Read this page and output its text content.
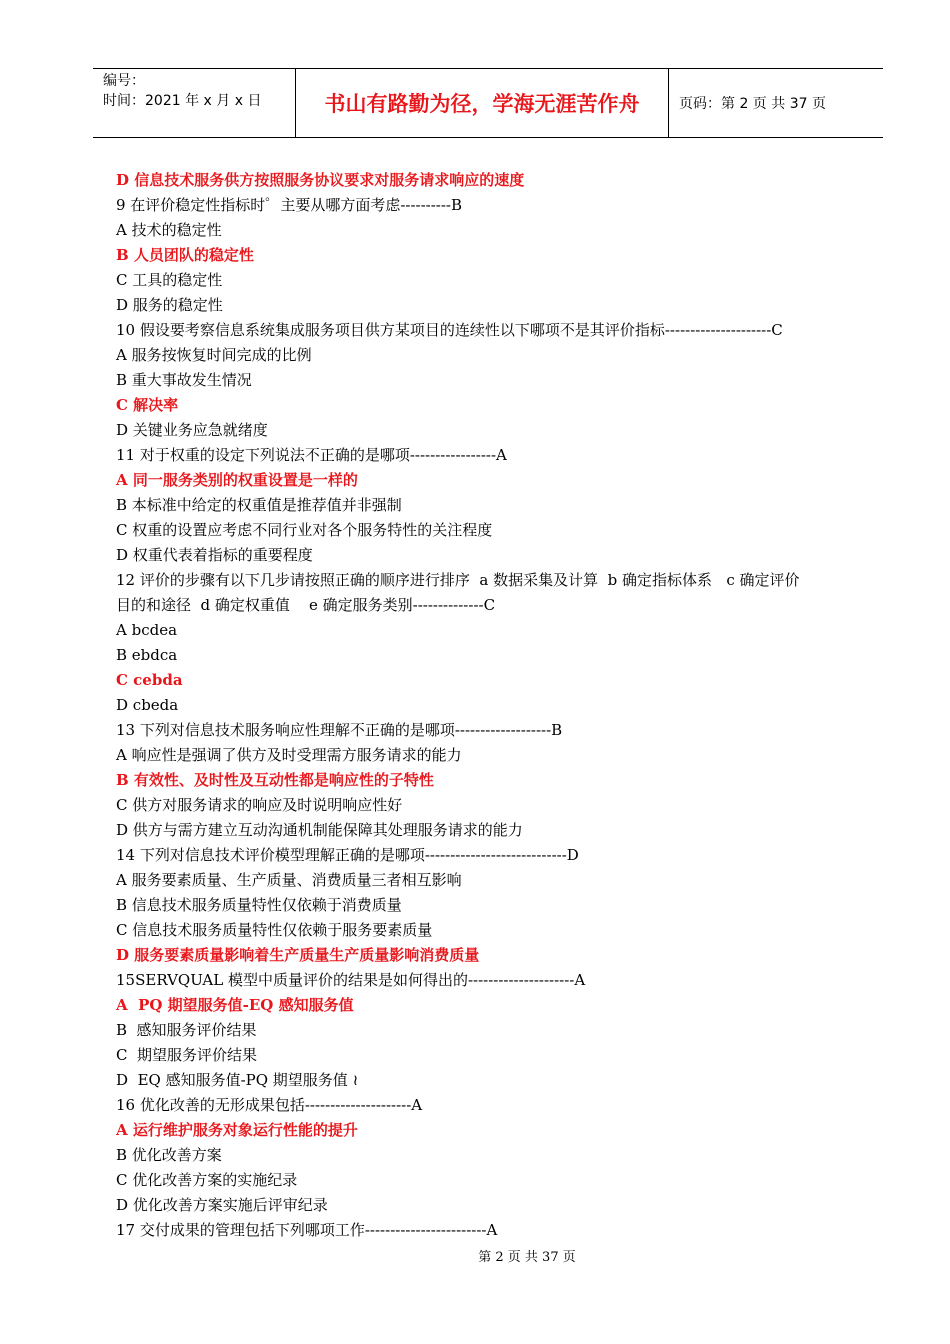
编号：
时间：2021 年 x 月 x 日	书山有路勤为径，学海无涯苦作舟	页码：第 2 页 共 37 页

D 信息技术服务供方按照服务协议要求对服务请求响应的速度

9 在评价稳定性指标时゜主要从哪方面考虑----------B

A 技术的稳定性

B 人员团队的稳定性

C 工具的稳定性

D 服务的稳定性

10 假设要考察信息系统集成服务项目供方某项目的连续性以下哪项不是其评价指标---------------------C

A 服务按恢复时间完成的比例

B 重大事故发生情况

C 解决率

D 关键业务应急就绪度

11 对于权重的设定下列说法不正确的是哪项-----------------A

A 同一服务类别的权重设置是一样的

B 本标准中给定的权重值是推荐值并非强制

C 权重的设置应考虑不同行业对各个服务特性的关注程度

D 权重代表着指标的重要程度

12 评价的步骤有以下几步请按照正确的顺序进行排序  a 数据采集及计算  b 确定指标体系   c 确定评价

目的和途径  d 确定权重值    e 确定服务类别--------------C

A bcdea

B ebdca

C cebda

D cbeda

13 下列对信息技术服务响应性理解不正确的是哪项-------------------B

A 响应性是强调了供方及时受理需方服务请求的能力

B 有效性、及时性及互动性都是响应性的子特性

C 供方对服务请求的响应及时说明响应性好

D 供方与需方建立互动沟通机制能保障其处理服务请求的能力

14 下列对信息技术评价模型理解正确的是哪项----------------------------D

A 服务要素质量、生产质量、消费质量三者相互影响

B 信息技术服务质量特性仅依赖于消费质量

C 信息技术服务质量特性仅依赖于服务要素质量

D 服务要素质量影响着生产质量生产质量影响消费质量

15SERVQUAL 模型中质量评价的结果是如何得出的---------------------A

A  PQ 期望服务值-EQ 感知服务值

B  感知服务评价结果

C  期望服务评价结果

D  EQ 感知服务值-PQ 期望服务值 ≀

16 优化改善的无形成果包括---------------------A

A 运行维护服务对象运行性能的提升

B 优化改善方案

C 优化改善方案的实施纪录

D 优化改善方案实施后评审纪录

17 交付成果的管理包括下列哪项工作------------------------A

第 2 页 共 37 页
